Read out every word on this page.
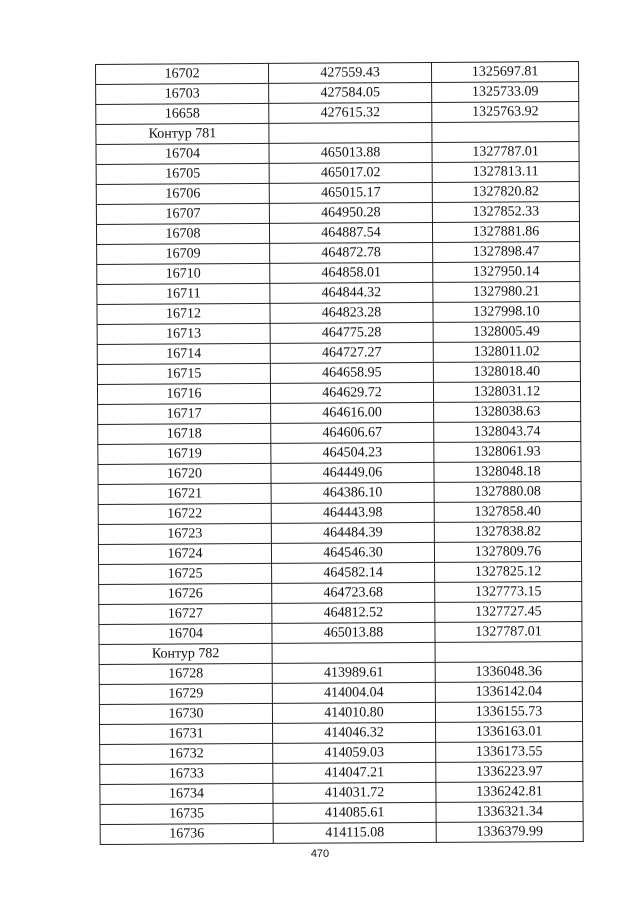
16702	427559.43	1325697.81
16703	427584.05	1325733.09
16658	427615.32	1325763.92
Контур 781		
16704	465013.88	1327787.01
16705	465017.02	1327813.11
16706	465015.17	1327820.82
16707	464950.28	1327852.33
16708	464887.54	1327881.86
16709	464872.78	1327898.47
16710	464858.01	1327950.14
16711	464844.32	1327980.21
16712	464823.28	1327998.10
16713	464775.28	1328005.49
16714	464727.27	1328011.02
16715	464658.95	1328018.40
16716	464629.72	1328031.12
16717	464616.00	1328038.63
16718	464606.67	1328043.74
16719	464504.23	1328061.93
16720	464449.06	1328048.18
16721	464386.10	1327880.08
16722	464443.98	1327858.40
16723	464484.39	1327838.82
16724	464546.30	1327809.76
16725	464582.14	1327825.12
16726	464723.68	1327773.15
16727	464812.52	1327727.45
16704	465013.88	1327787.01
Контур 782		
16728	413989.61	1336048.36
16729	414004.04	1336142.04
16730	414010.80	1336155.73
16731	414046.32	1336163.01
16732	414059.03	1336173.55
16733	414047.21	1336223.97
16734	414031.72	1336242.81
16735	414085.61	1336321.34
16736	414115.08	1336379.99
470
